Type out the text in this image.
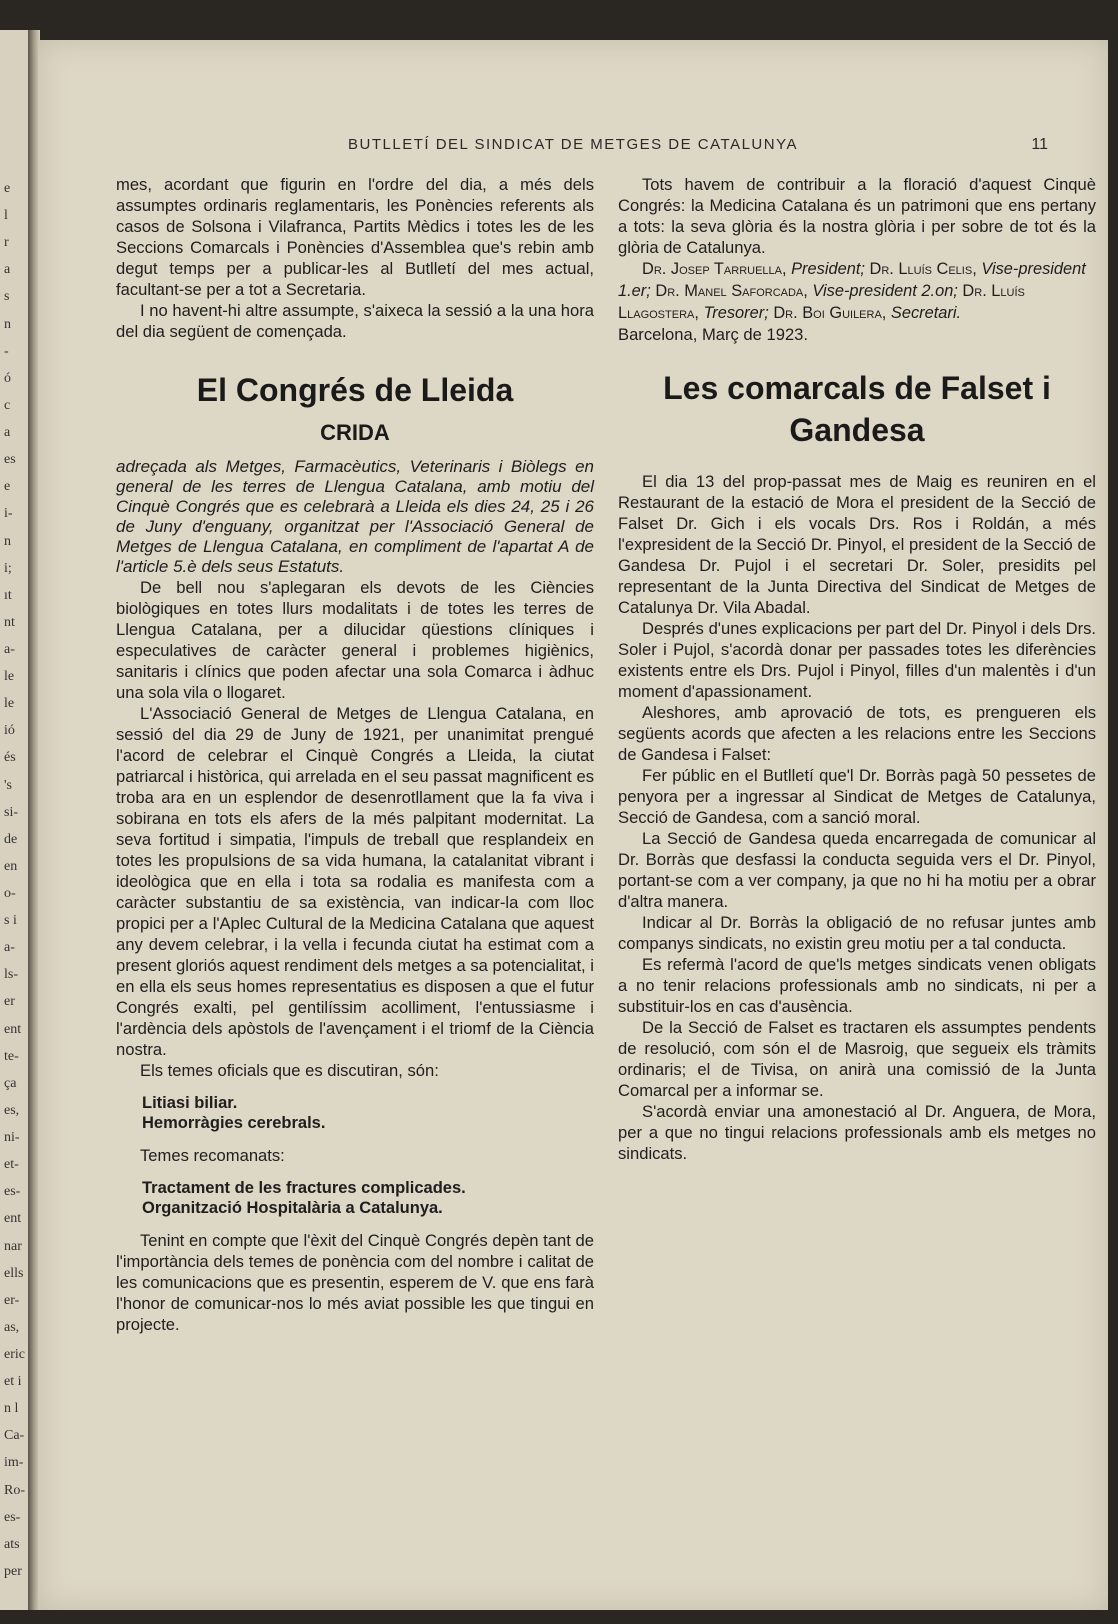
e
l
r
a
s
n
-
ó
c
a
es
e
i-
n
i;
ıt
nt
a-
le
le
ió
és
's
si-
de
en
o-
s i
a-
ls-
er
ent
te-
ça
es,
ni-
et-
es-
ent
nar
ells
er-
as,
eric
et i
n l
Ca-
im-
Ro-
es-
ats
per
BUTLLETÍ DEL SINDICAT DE METGES DE CATALUNYA	11

mes, acordant que figurin en l'ordre del dia, a més dels assumptes ordinaris reglamentaris, les Ponències referents als casos de Solsona i Vilafranca, Partits Mèdics i totes les de les Seccions Comarcals i Ponències d'Assemblea que's rebin amb degut temps per a publicar-les al Butlletí del mes actual, facultant-se per a tot a Secretaria.

I no havent-hi altre assumpte, s'aixeca la sessió a la una hora del dia següent de començada.

El Congrés de Lleida
CRIDA

adreçada als Metges, Farmacèutics, Veterinaris i Biòlegs en general de les terres de Llengua Catalana, amb motiu del Cinquè Congrés que es celebrarà a Lleida els dies 24, 25 i 26 de Juny d'enguany, organitzat per l'Associació General de Metges de Llengua Catalana, en compliment de l'apartat A de l'article 5.è dels seus Estatuts.

De bell nou s'aplegaran els devots de les Ciències biològiques en totes llurs modalitats i de totes les terres de Llengua Catalana, per a dilucidar qüestions clíniques i especulatives de caràcter general i problemes higiènics, sanitaris i clínics que poden afectar una sola Comarca i àdhuc una sola vila o llogaret.

L'Associació General de Metges de Llengua Catalana, en sessió del dia 29 de Juny de 1921, per unanimitat prengué l'acord de celebrar el Cinquè Congrés a Lleida, la ciutat patriarcal i històrica, qui arrelada en el seu passat magnificent es troba ara en un esplendor de desenrotllament que la fa viva i sobirana en tots els afers de la més palpitant modernitat. La seva fortitud i simpatia, l'impuls de treball que resplandeix en totes les propulsions de sa vida humana, la catalanitat vibrant i ideològica que en ella i tota sa rodalia es manifesta com a caràcter substantiu de sa existència, van indicar-la com lloc propici per a l'Aplec Cultural de la Medicina Catalana que aquest any devem celebrar, i la vella i fecunda ciutat ha estimat com a present gloriós aquest rendiment dels metges a sa potencialitat, i en ella els seus homes representatius es disposen a que el futur Congrés exalti, pel gentilíssim acolliment, l'entussiasme i l'ardència dels apòstols de l'avençament i el triomf de la Ciència nostra.

Els temes oficials que es discutiran, són:

Litiasi biliar.
Hemorràgies cerebrals.

Temes recomanats:

Tractament de les fractures complicades.
Organització Hospitalària a Catalunya.

Tenint en compte que l'èxit del Cinquè Congrés depèn tant de l'importància dels temes de ponència com del nombre i calitat de les comunicacions que es presentin, esperem de V. que ens farà l'honor de comunicar-nos lo més aviat possible les que tingui en projecte.

Tots havem de contribuir a la floració d'aquest Cinquè Congrés: la Medicina Catalana és un patrimoni que ens pertany a tots: la seva glòria és la nostra glòria i per sobre de tot és la glòria de Catalunya.

Dr. Josep Tarruella, President; Dr. Lluís Celis, Vise-president 1.er; Dr. Manel Saforcada, Vise-president 2.on; Dr. Lluís Llagostera, Tresorer; Dr. Boi Guilera, Secretari.

Barcelona, Març de 1923.

Les comarcals de Falset i Gandesa

El dia 13 del prop-passat mes de Maig es reuniren en el Restaurant de la estació de Mora el president de la Secció de Falset Dr. Gich i els vocals Drs. Ros i Roldán, a més l'expresident de la Secció Dr. Pinyol, el president de la Secció de Gandesa Dr. Pujol i el secretari Dr. Soler, presidits pel representant de la Junta Directiva del Sindicat de Metges de Catalunya Dr. Vila Abadal.

Després d'unes explicacions per part del Dr. Pinyol i dels Drs. Soler i Pujol, s'acordà donar per passades totes les diferències existents entre els Drs. Pujol i Pinyol, filles d'un malentès i d'un moment d'apassionament.

Aleshores, amb aprovació de tots, es prengueren els següents acords que afecten a les relacions entre les Seccions de Gandesa i Falset:

Fer públic en el Butlletí que'l Dr. Borràs pagà 50 pessetes de penyora per a ingressar al Sindicat de Metges de Catalunya, Secció de Gandesa, com a sanció moral.

La Secció de Gandesa queda encarregada de comunicar al Dr. Borràs que desfassi la conducta seguida vers el Dr. Pinyol, portant-se com a ver company, ja que no hi ha motiu per a obrar d'altra manera.

Indicar al Dr. Borràs la obligació de no refusar juntes amb companys sindicats, no existin greu motiu per a tal conducta.

Es refermà l'acord de que'ls metges sindicats venen obligats a no tenir relacions professionals amb no sindicats, ni per a substituir-los en cas d'ausència.

De la Secció de Falset es tractaren els assumptes pendents de resolució, com són el de Masroig, que segueix els tràmits ordinaris; el de Tivisa, on anirà una comissió de la Junta Comarcal per a informar se.

S'acordà enviar una amonestació al Dr. Anguera, de Mora, per a que no tingui relacions professionals amb els metges no sindicats.
